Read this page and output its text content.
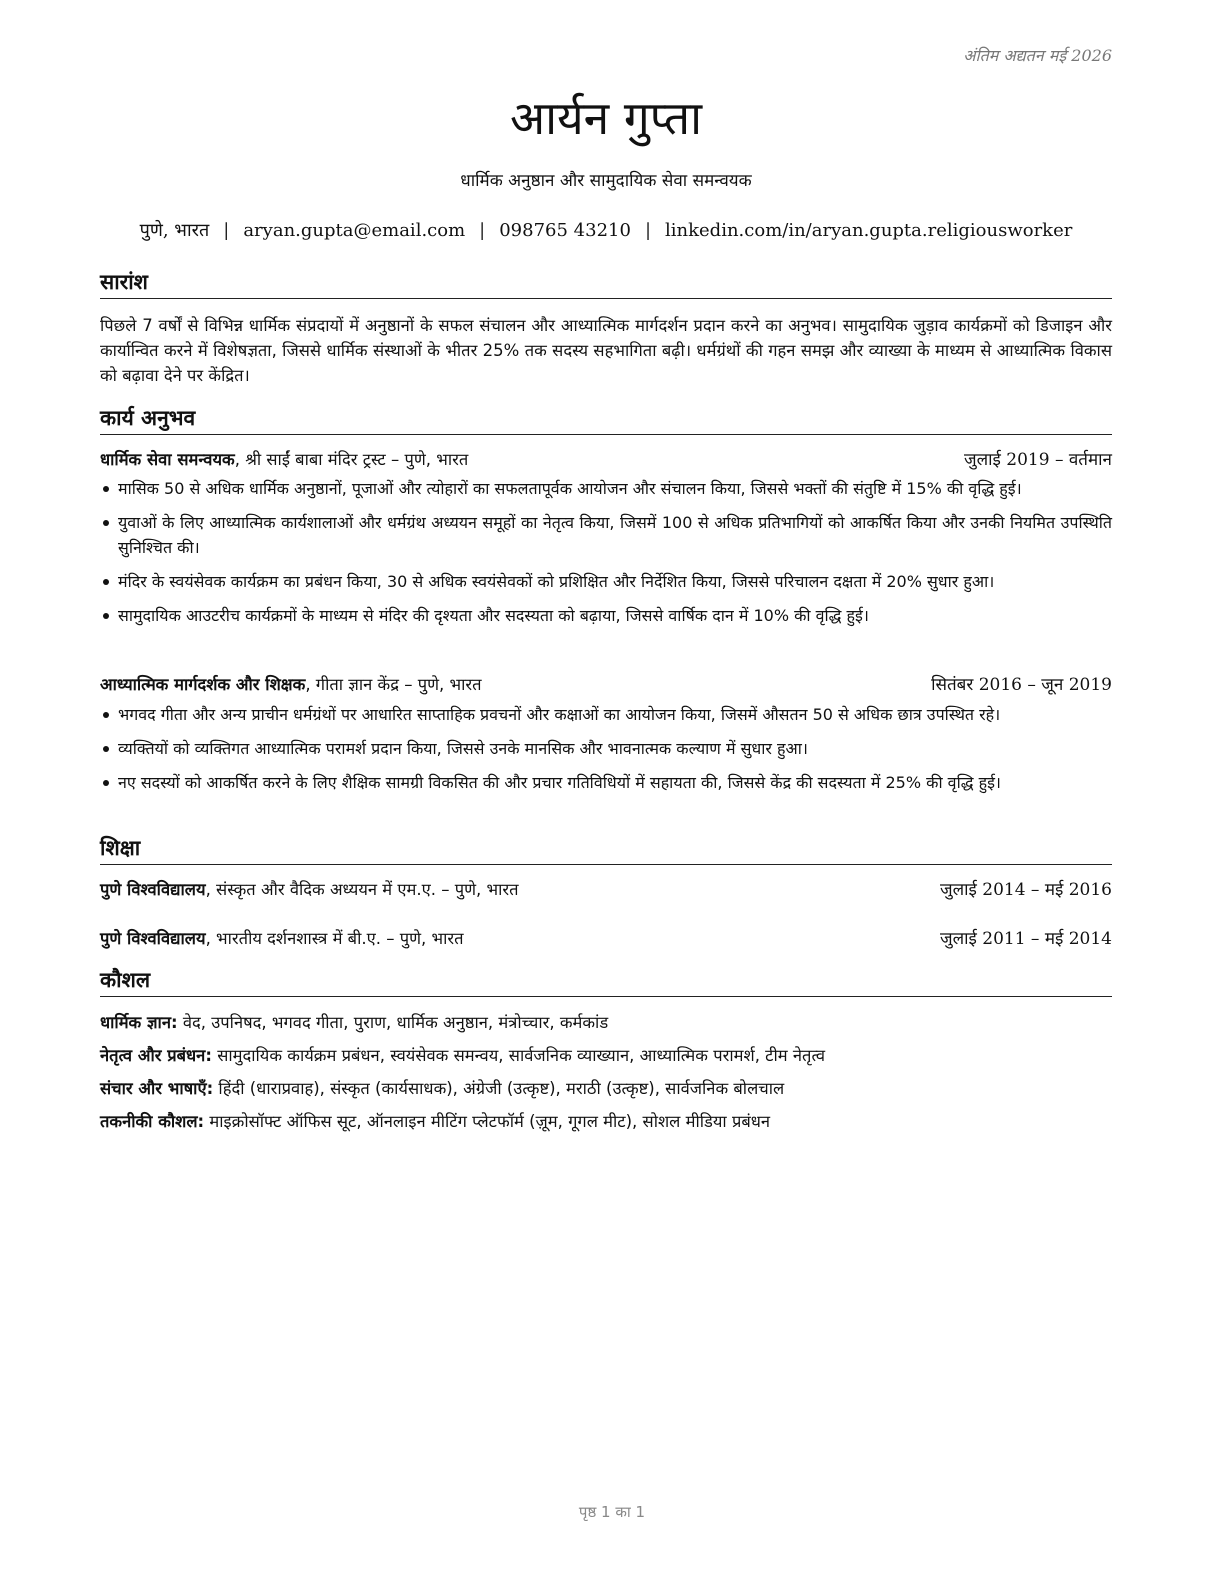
अंतिम अद्यतन मई 2026
आर्यन गुप्ता
धार्मिक अनुष्ठान और सामुदायिक सेवा समन्वयक
पुणे, भारत | aryan.gupta@email.com | 098765 43210 | linkedin.com/in/aryan.gupta.religiousworker
सारांश
पिछले 7 वर्षों से विभिन्न धार्मिक संप्रदायों में अनुष्ठानों के सफल संचालन और आध्यात्मिक मार्गदर्शन प्रदान करने का अनुभव। सामुदायिक जुड़ाव कार्यक्रमों को डिजाइन और कार्यान्वित करने में विशेषज्ञता, जिससे धार्मिक संस्थाओं के भीतर 25% तक सदस्य सहभागिता बढ़ी। धर्मग्रंथों की गहन समझ और व्याख्या के माध्यम से आध्यात्मिक विकास को बढ़ावा देने पर केंद्रित।
कार्य अनुभव
धार्मिक सेवा समन्वयक, श्री साईं बाबा मंदिर ट्रस्ट – पुणे, भारत	जुलाई 2019 – वर्तमान
मासिक 50 से अधिक धार्मिक अनुष्ठानों, पूजाओं और त्योहारों का सफलतापूर्वक आयोजन और संचालन किया, जिससे भक्तों की संतुष्टि में 15% की वृद्धि हुई।
युवाओं के लिए आध्यात्मिक कार्यशालाओं और धर्मग्रंथ अध्ययन समूहों का नेतृत्व किया, जिसमें 100 से अधिक प्रतिभागियों को आकर्षित किया और उनकी नियमित उपस्थिति सुनिश्चित की।
मंदिर के स्वयंसेवक कार्यक्रम का प्रबंधन किया, 30 से अधिक स्वयंसेवकों को प्रशिक्षित और निर्देशित किया, जिससे परिचालन दक्षता में 20% सुधार हुआ।
सामुदायिक आउटरीच कार्यक्रमों के माध्यम से मंदिर की दृश्यता और सदस्यता को बढ़ाया, जिससे वार्षिक दान में 10% की वृद्धि हुई।
आध्यात्मिक मार्गदर्शक और शिक्षक, गीता ज्ञान केंद्र – पुणे, भारत	सितंबर 2016 – जून 2019
भगवद गीता और अन्य प्राचीन धर्मग्रंथों पर आधारित साप्ताहिक प्रवचनों और कक्षाओं का आयोजन किया, जिसमें औसतन 50 से अधिक छात्र उपस्थित रहे।
व्यक्तियों को व्यक्तिगत आध्यात्मिक परामर्श प्रदान किया, जिससे उनके मानसिक और भावनात्मक कल्याण में सुधार हुआ।
नए सदस्यों को आकर्षित करने के लिए शैक्षिक सामग्री विकसित की और प्रचार गतिविधियों में सहायता की, जिससे केंद्र की सदस्यता में 25% की वृद्धि हुई।
शिक्षा
पुणे विश्वविद्यालय, संस्कृत और वैदिक अध्ययन में एम.ए. – पुणे, भारत	जुलाई 2014 – मई 2016
पुणे विश्वविद्यालय, भारतीय दर्शनशास्त्र में बी.ए. – पुणे, भारत	जुलाई 2011 – मई 2014
कौशल
धार्मिक ज्ञान: वेद, उपनिषद, भगवद गीता, पुराण, धार्मिक अनुष्ठान, मंत्रोच्चार, कर्मकांड
नेतृत्व और प्रबंधन: सामुदायिक कार्यक्रम प्रबंधन, स्वयंसेवक समन्वय, सार्वजनिक व्याख्यान, आध्यात्मिक परामर्श, टीम नेतृत्व
संचार और भाषाएँ: हिंदी (धाराप्रवाह), संस्कृत (कार्यसाधक), अंग्रेजी (उत्कृष्ट), मराठी (उत्कृष्ट), सार्वजनिक बोलचाल
तकनीकी कौशल: माइक्रोसॉफ्ट ऑफिस सूट, ऑनलाइन मीटिंग प्लेटफॉर्म (ज़ूम, गूगल मीट), सोशल मीडिया प्रबंधन
पृष्ठ 1 का 1
